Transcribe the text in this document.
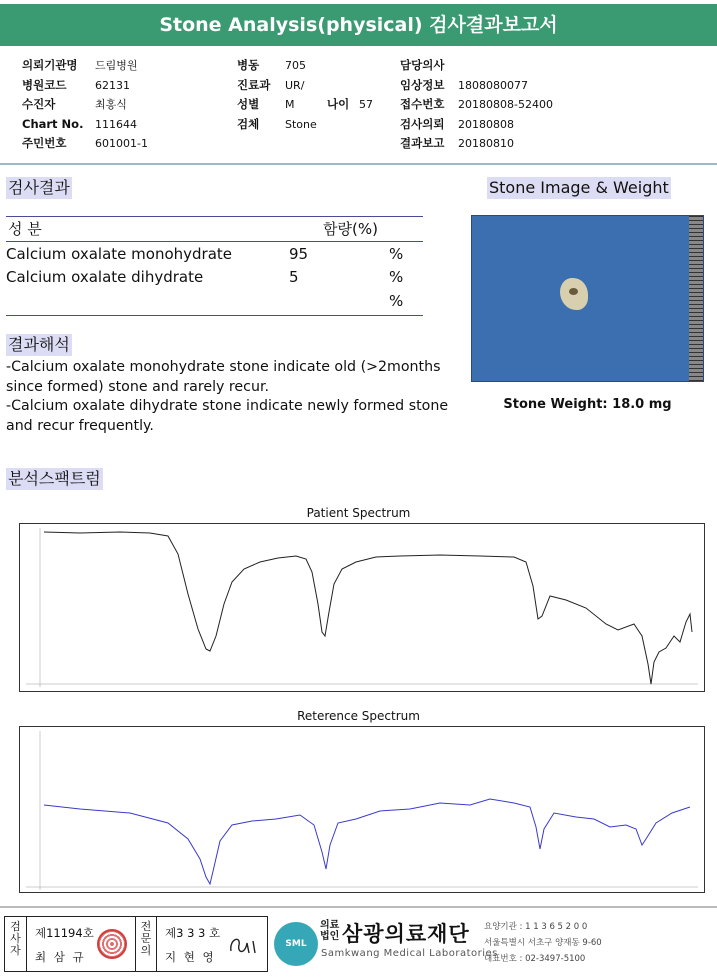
Stone Analysis(physical) 검사결과보고서
의뢰기관명 드림병원
병원코드	62131
수진자	최홍식
Chart No. 111644
주민번호	601001-1
병동 705
진료과 UR/
성별 M	나이 57
검체 Stone
담당의사
임상정보 1808080077
접수번호 20180808-52400
검사의뢰 20180808
결과보고 20180810
검사결과
성 분	함량(%)
Calcium oxalate monohydrate	95	%
Calcium oxalate dihydrate	5	%
%
결과해석
-Calcium oxalate monohydrate stone indicate old (>2months since formed) stone and rarely recur.
-Calcium oxalate dihydrate stone indicate newly formed stone and recur frequently.
Stone Image & Weight
Stone Weight: 18.0 mg
분석스팩트럼
Patient Spectrum
Reterence Spectrum
검사자
제11194호
최 삼 규
전문의
제3 3 3 호
지 현 영
SML
의료
법인 삼광의료재단
Samkwang Medical Laboratories
요양기관 : 1 1 3 6 5 2 0 0
서울특별시 서초구 양재동 9-60
대표번호 : 02-3497-5100
